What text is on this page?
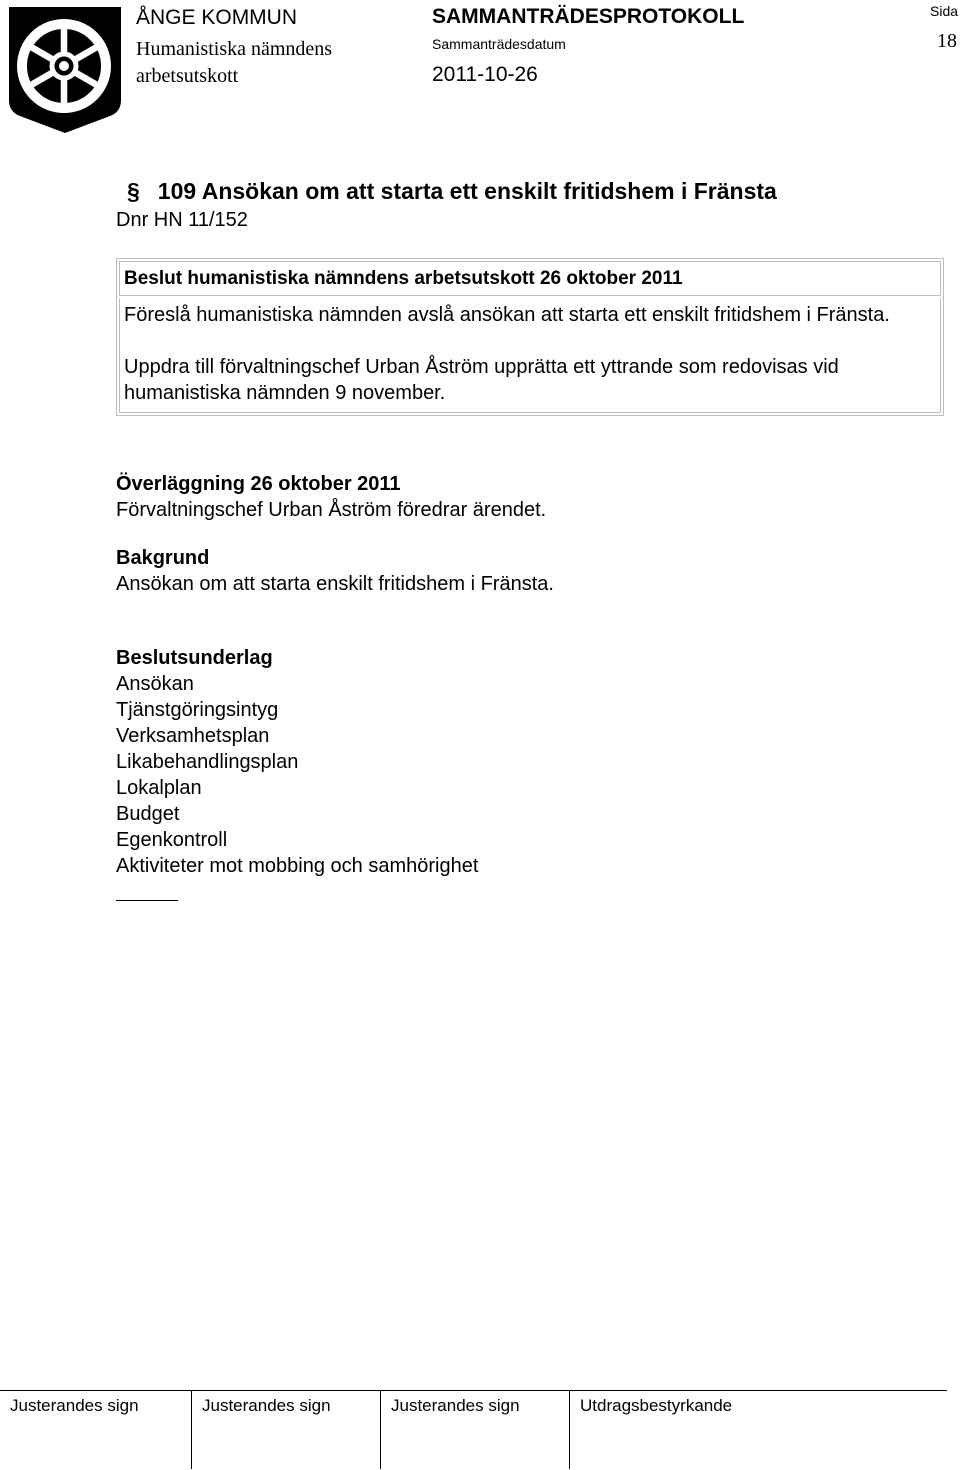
ÅNGE KOMMUN
Humanistiska nämndens
arbetsutskott
SAMMANTRÄDESPROTOKOLL
Sammanträdesdatum
2011-10-26
Sida
18
§ 109 Ansökan om att starta ett enskilt fritidshem i Fränsta
Dnr HN 11/152
Beslut humanistiska nämndens arbetsutskott 26 oktober 2011

Föreslå humanistiska nämnden avslå ansökan att starta ett enskilt fritidshem i Fränsta.

Uppdra till förvaltningschef Urban Åström upprätta ett yttrande som redovisas vid humanistiska nämnden 9 november.

Överläggning 26 oktober 2011
Förvaltningschef Urban Åström föredrar ärendet.
Bakgrund
Ansökan om att starta enskilt fritidshem i Fränsta.
Beslutsunderlag
Ansökan
Tjänstgöringsintyg
Verksamhetsplan
Likabehandlingsplan
Lokalplan
Budget
Egenkontroll
Aktiviteter mot mobbing och samhörighet
Justerandes sign	Justerandes sign	Justerandes sign	Utdragsbestyrkande
